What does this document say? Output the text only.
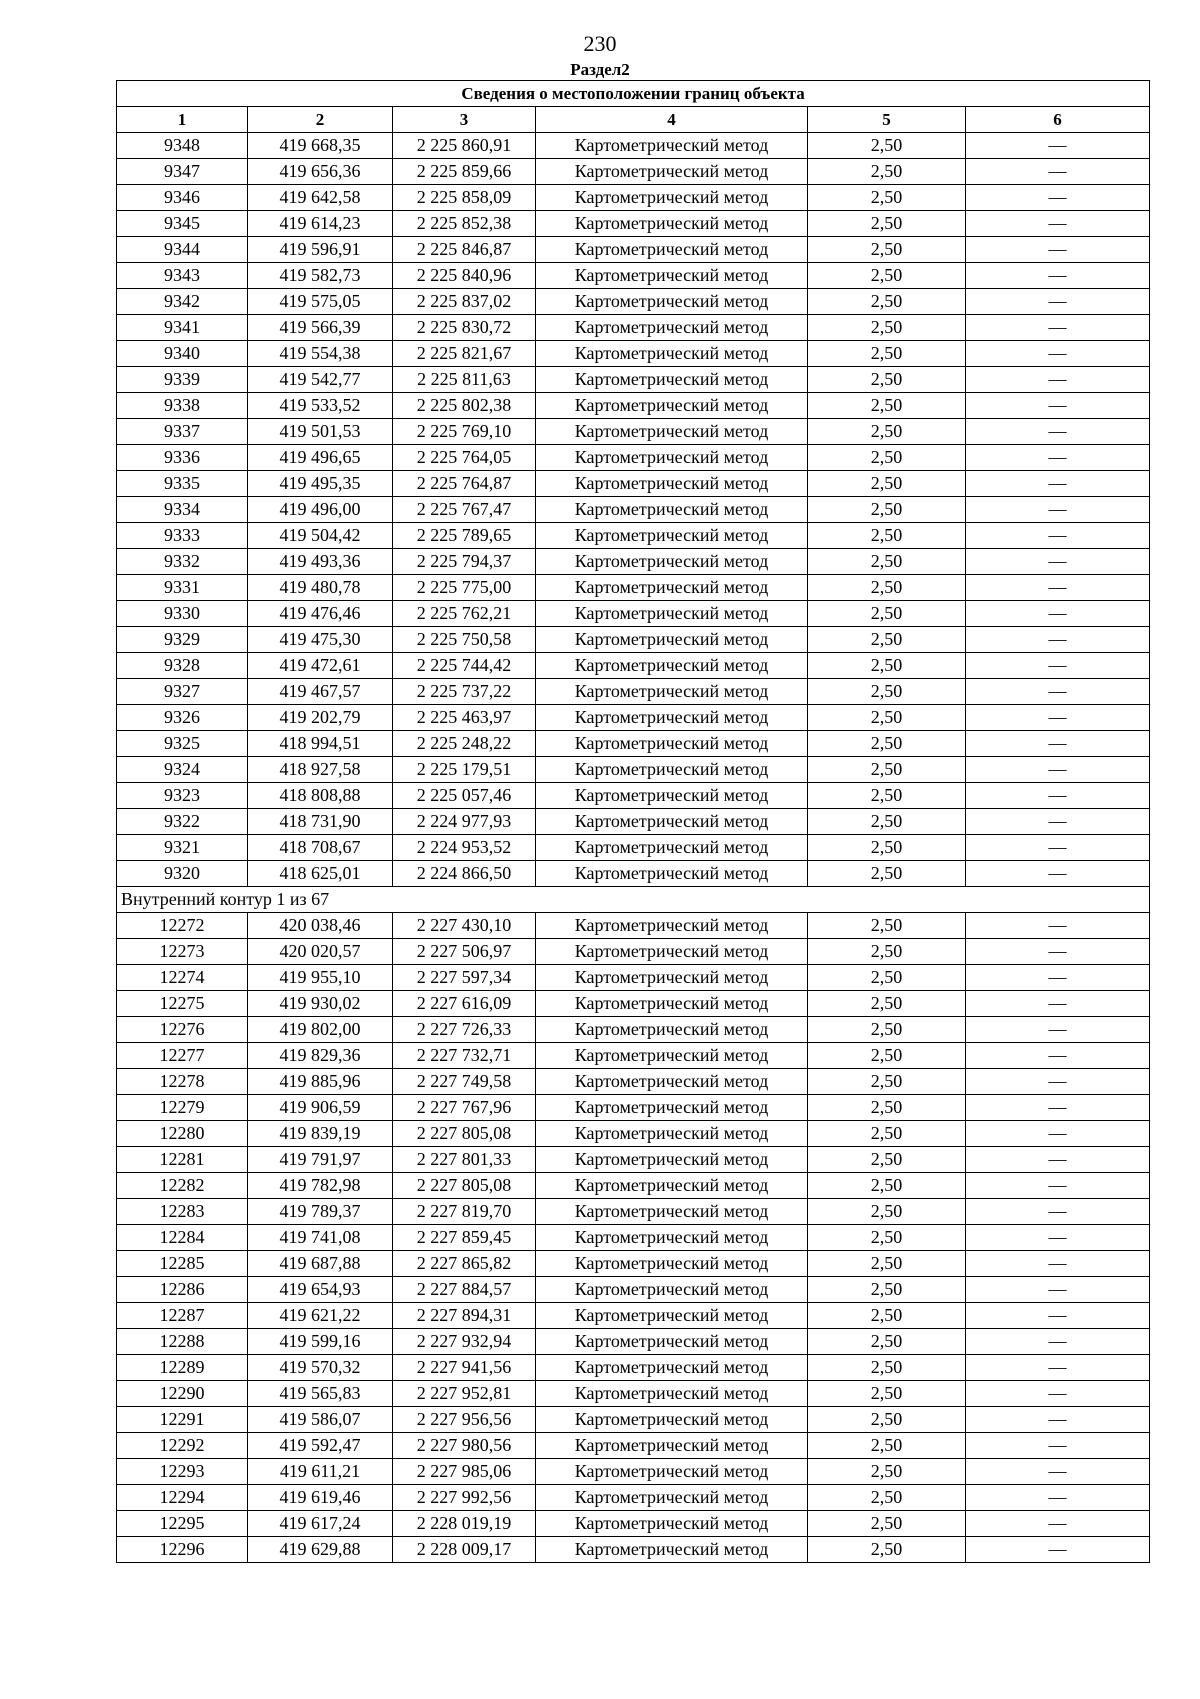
230
Раздел2
Сведения о местоположении границ объекта					
1	2	3	4	5	6
9348	419 668,35	2 225 860,91	Картометрический метод	2,50	—
9347	419 656,36	2 225 859,66	Картометрический метод	2,50	—
9346	419 642,58	2 225 858,09	Картометрический метод	2,50	—
9345	419 614,23	2 225 852,38	Картометрический метод	2,50	—
9344	419 596,91	2 225 846,87	Картометрический метод	2,50	—
9343	419 582,73	2 225 840,96	Картометрический метод	2,50	—
9342	419 575,05	2 225 837,02	Картометрический метод	2,50	—
9341	419 566,39	2 225 830,72	Картометрический метод	2,50	—
9340	419 554,38	2 225 821,67	Картометрический метод	2,50	—
9339	419 542,77	2 225 811,63	Картометрический метод	2,50	—
9338	419 533,52	2 225 802,38	Картометрический метод	2,50	—
9337	419 501,53	2 225 769,10	Картометрический метод	2,50	—
9336	419 496,65	2 225 764,05	Картометрический метод	2,50	—
9335	419 495,35	2 225 764,87	Картометрический метод	2,50	—
9334	419 496,00	2 225 767,47	Картометрический метод	2,50	—
9333	419 504,42	2 225 789,65	Картометрический метод	2,50	—
9332	419 493,36	2 225 794,37	Картометрический метод	2,50	—
9331	419 480,78	2 225 775,00	Картометрический метод	2,50	—
9330	419 476,46	2 225 762,21	Картометрический метод	2,50	—
9329	419 475,30	2 225 750,58	Картометрический метод	2,50	—
9328	419 472,61	2 225 744,42	Картометрический метод	2,50	—
9327	419 467,57	2 225 737,22	Картометрический метод	2,50	—
9326	419 202,79	2 225 463,97	Картометрический метод	2,50	—
9325	418 994,51	2 225 248,22	Картометрический метод	2,50	—
9324	418 927,58	2 225 179,51	Картометрический метод	2,50	—
9323	418 808,88	2 225 057,46	Картометрический метод	2,50	—
9322	418 731,90	2 224 977,93	Картометрический метод	2,50	—
9321	418 708,67	2 224 953,52	Картометрический метод	2,50	—
9320	418 625,01	2 224 866,50	Картометрический метод	2,50	—
Внутренний контур 1 из 67					
12272	420 038,46	2 227 430,10	Картометрический метод	2,50	—
12273	420 020,57	2 227 506,97	Картометрический метод	2,50	—
12274	419 955,10	2 227 597,34	Картометрический метод	2,50	—
12275	419 930,02	2 227 616,09	Картометрический метод	2,50	—
12276	419 802,00	2 227 726,33	Картометрический метод	2,50	—
12277	419 829,36	2 227 732,71	Картометрический метод	2,50	—
12278	419 885,96	2 227 749,58	Картометрический метод	2,50	—
12279	419 906,59	2 227 767,96	Картометрический метод	2,50	—
12280	419 839,19	2 227 805,08	Картометрический метод	2,50	—
12281	419 791,97	2 227 801,33	Картометрический метод	2,50	—
12282	419 782,98	2 227 805,08	Картометрический метод	2,50	—
12283	419 789,37	2 227 819,70	Картометрический метод	2,50	—
12284	419 741,08	2 227 859,45	Картометрический метод	2,50	—
12285	419 687,88	2 227 865,82	Картометрический метод	2,50	—
12286	419 654,93	2 227 884,57	Картометрический метод	2,50	—
12287	419 621,22	2 227 894,31	Картометрический метод	2,50	—
12288	419 599,16	2 227 932,94	Картометрический метод	2,50	—
12289	419 570,32	2 227 941,56	Картометрический метод	2,50	—
12290	419 565,83	2 227 952,81	Картометрический метод	2,50	—
12291	419 586,07	2 227 956,56	Картометрический метод	2,50	—
12292	419 592,47	2 227 980,56	Картометрический метод	2,50	—
12293	419 611,21	2 227 985,06	Картометрический метод	2,50	—
12294	419 619,46	2 227 992,56	Картометрический метод	2,50	—
12295	419 617,24	2 228 019,19	Картометрический метод	2,50	—
12296	419 629,88	2 228 009,17	Картометрический метод	2,50	—
